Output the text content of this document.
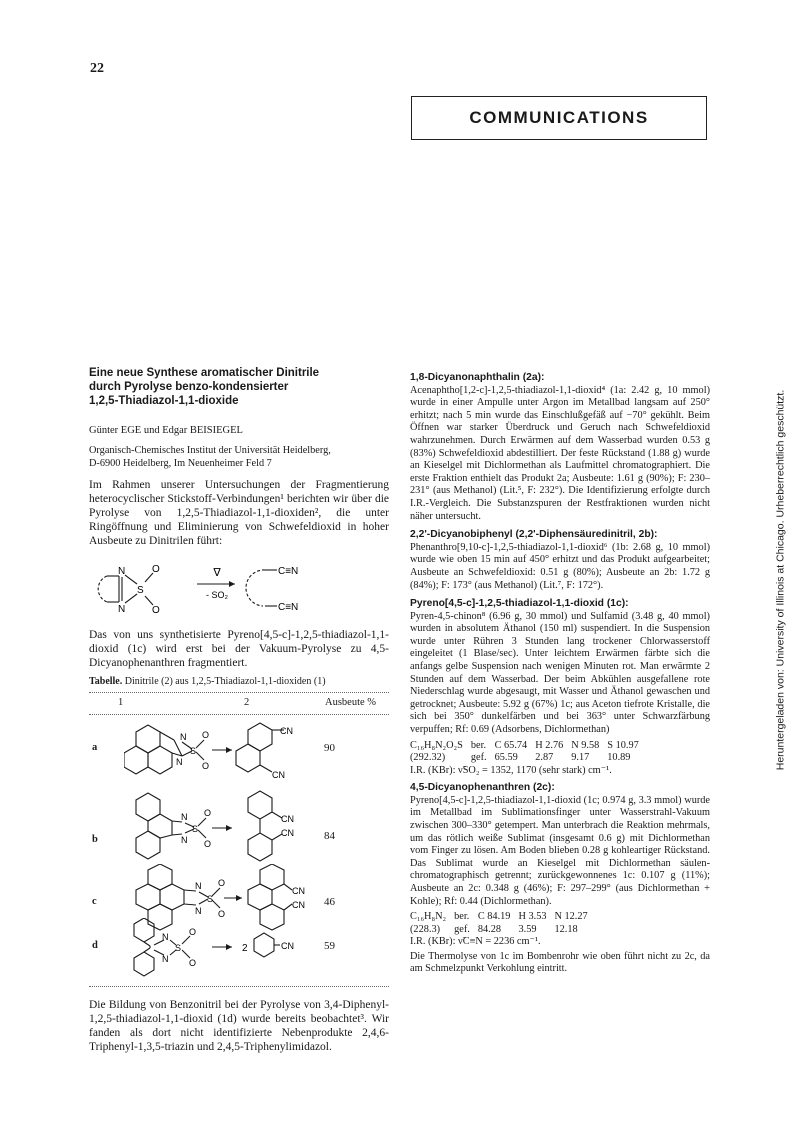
22
COMMUNICATIONS
Heruntergeladen von: University of Illinois at Chicago. Urheberrechtlich geschützt.
Eine neue Synthese aromatischer Dinitrile
durch Pyrolyse benzo-kondensierter
1,2,5-Thiadiazol-1,1-dioxide
Günter EGE und Edgar BEISIEGEL
Organisch-Chemisches Institut der Universität Heidelberg,
D-6900 Heidelberg, Im Neuenheimer Feld 7

Im Rahmen unserer Untersuchungen der Fragmentierung heterocyclischer Stickstoff-Verbindungen¹ berichten wir über die Pyrolyse von 1,2,5-Thiadiazol-1,1-dioxiden², die unter Ringöffnung und Eliminierung von Schwefeldioxid in hoher Ausbeute zu Dinitrilen führt:

N
N
S
O
O
∇
- SO₂
C≡N
C≡N

Das von uns synthetisierte Pyreno[4,5-c]-1,2,5-thiadiazol-1,1-dioxid (1c) wird erst bei der Vakuum-Pyrolyse zu 4,5-Dicyanophenanthren fragmentiert.

Tabelle. Dinitrile (2) aus 1,2,5-Thiadiazol-1,1-dioxiden (1)
1	2	Ausbeute %
a
N
N
S
O
O
CN
CN
90
b
N
N
S
O
O
CN
CN	84
c
N
N
S
O
O
CN
CN 46
d
N
N
S
O
O
2	CN	59

Die Bildung von Benzonitril bei der Pyrolyse von 3,4-Diphenyl-1,2,5-thiadiazol-1,1-dioxid (1d) wurde bereits beobachtet³. Wir fanden als dort nicht identifizierte Nebenprodukte 2,4,6-Triphenyl-1,3,5-triazin und 2,4,5-Triphenylimidazol.

1,8-Dicyanonaphthalin (2a):

Acenaphtho[1,2-c]-1,2,5-thiadiazol-1,1-dioxid⁴ (1a: 2.42 g, 10 mmol) wurde in einer Ampulle unter Argon im Metallbad langsam auf 250° erhitzt; nach 5 min wurde das Einschlußgefäß auf −70° gekühlt. Beim Öffnen war starker Überdruck und Geruch nach Schwefeldioxid wahrzunehmen. Durch Erwärmen auf dem Wasserbad wurden 0.53 g (83%) Schwefeldioxid abdestilliert. Der feste Rückstand (1.88 g) wurde an Kieselgel mit Dichlormethan als Laufmittel chromatographiert. Die erste Fraktion enthielt das Produkt 2a; Ausbeute: 1.61 g (90%); F: 230–231° (aus Methanol) (Lit.⁵, F: 232°). Die Identifizierung erfolgte durch I.R.-Vergleich. Die Substanzspuren der Restfraktionen wurden nicht näher untersucht.

2,2'-Dicyanobiphenyl (2,2'-Diphensäuredinitril, 2b):

Phenanthro[9,10-c]-1,2,5-thiadiazol-1,1-dioxid⁶ (1b: 2.68 g, 10 mmol) wurde wie oben 15 min auf 450° erhitzt und das Produkt aufgearbeitet; Ausbeute an Schwefeldioxid: 0.51 g (80%); Ausbeute an 2b: 1.72 g (84%); F: 173° (aus Methanol) (Lit.⁷, F: 172°).

Pyreno[4,5-c]-1,2,5-thiadiazol-1,1-dioxid (1c):

Pyren-4,5-chinon⁸ (6.96 g, 30 mmol) und Sulfamid (3.48 g, 40 mmol) wurden in absolutem Äthanol (150 ml) suspendiert. In die Suspension wurde unter Rühren 3 Stunden lang trockener Chlorwasserstoff eingeleitet (1 Blase/sec). Unter leichtem Erwärmen färbte sich die anfangs gelbe Suspension nach wenigen Minuten rot. Man erwärmte 2 Stunden auf dem Wasserbad. Der beim Abkühlen ausgefallene rote Niederschlag wurde abgesaugt, mit Wasser und Äthanol gewaschen und getrocknet; Ausbeute: 5.92 g (67%) 1c; aus Aceton tiefrote Kristalle, die sich bei 350° dunkelfärben und bei 363° unter Schwarzfärbung verpuffen; Rf: 0.69 (Adsorbens, Dichlormethan)

C₁₆H₈N₂O₂S	ber.	C 65.74	H 2.76	N 9.58	S 10.97
(292.32)	gef.	65.59	2.87	9.17	10.89
I.R. (KBr): ν̃SO₂ = 1352, 1170 (sehr stark) cm⁻¹.
4,5-Dicyanophenanthren (2c):

Pyreno[4,5-c]-1,2,5-thiadiazol-1,1-dioxid (1c; 0.974 g, 3.3 mmol) wurde im Metallbad im Sublimationsfinger unter Wasserstrahl-Vakuum zwischen 300–330° getempert. Man unterbrach die Reaktion mehrmals, um das rötlich weiße Sublimat (insgesamt 0.6 g) mit Dichlormethan vom Finger zu lösen. Am Boden blieben 0.28 g kohleartiger Rückstand. Das Sublimat wurde an Kieselgel mit Dichlormethan säulen-chromatographisch getrennt; zurückgewonnenes 1c: 0.107 g (11%); Ausbeute an 2c: 0.348 g (46%); F: 297–299° (aus Dichlormethan + Kohle); Rf: 0.44 (Dichlormethan).

C₁₆H₈N₂	ber.	C 84.19	H 3.53	N 12.27
(228.3)	gef.	84.28	3.59	12.18
I.R. (KBr): ν̃C≡N = 2236 cm⁻¹.

Die Thermolyse von 1c im Bombenrohr wie oben führt nicht zu 2c, da am Schmelzpunkt Verkohlung eintritt.
